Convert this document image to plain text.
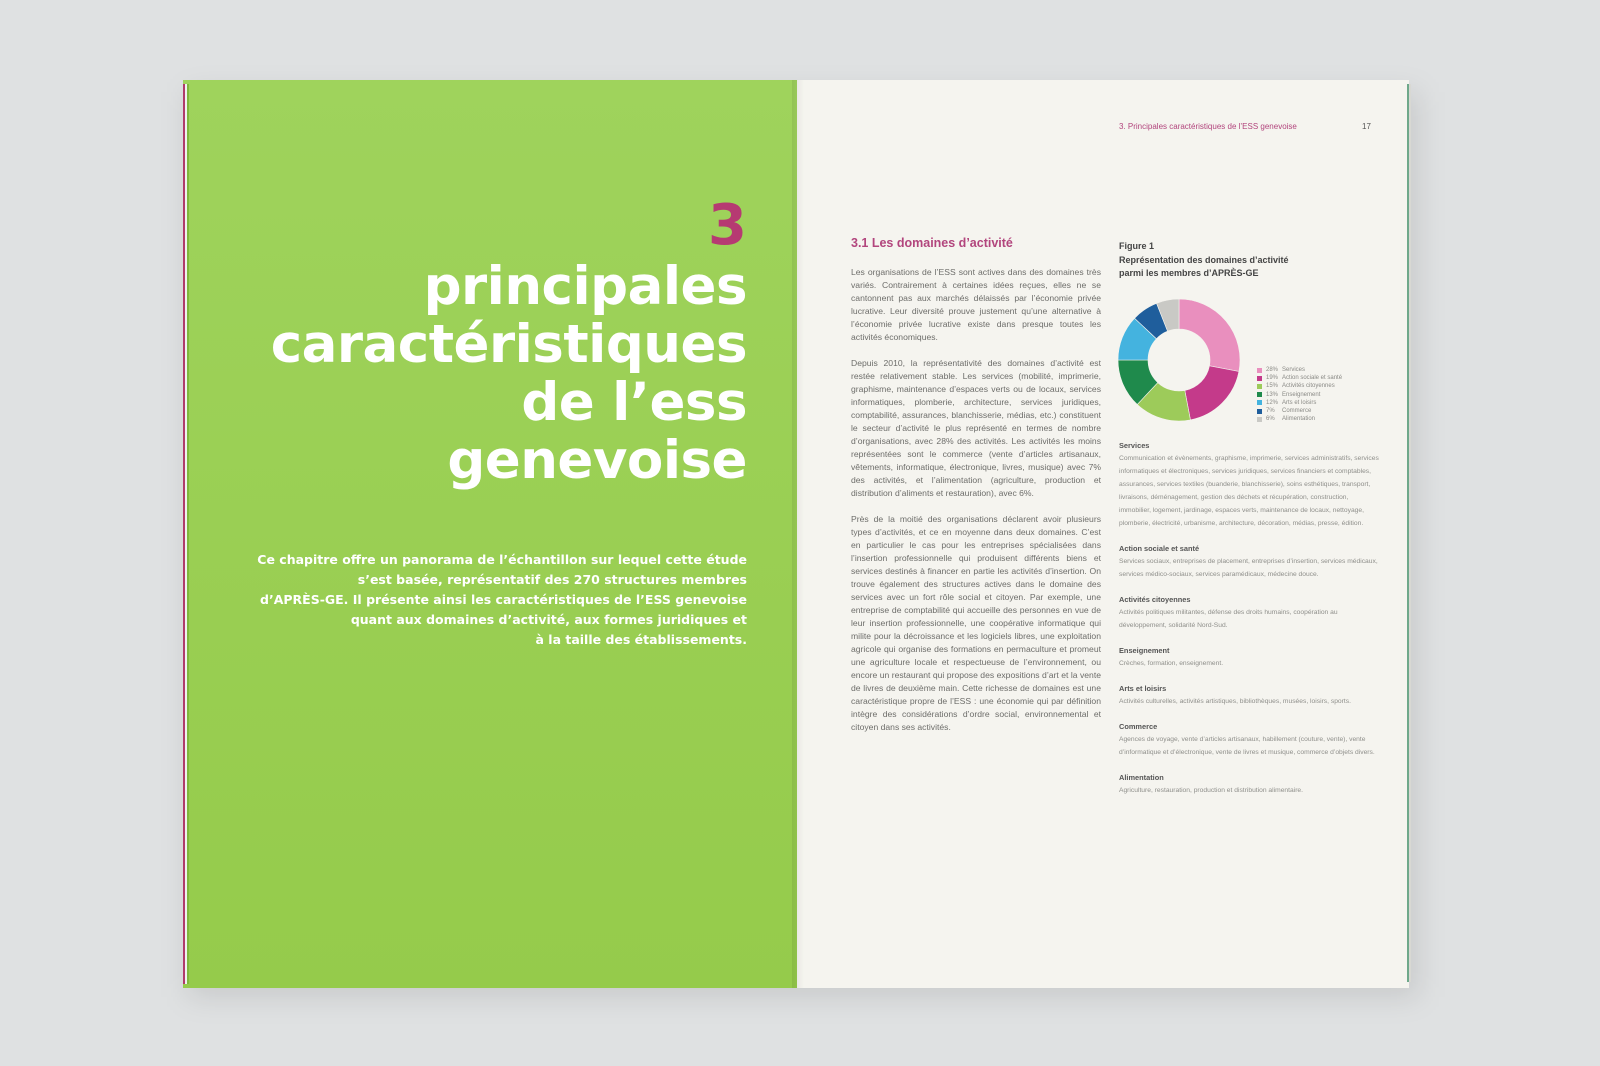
3
principales
caractéristiques
de l’ess
genevoise
Ce chapitre offre un panorama de l’échantillon sur lequel cette étude
s’est basée, représentatif des 270 structures membres
d’APRÈS-GE. Il présente ainsi les caractéristiques de l’ESS genevoise
quant aux domaines d’activité, aux formes juridiques et
à la taille des établissements.
3. Principales caractéristiques de l’ESS genevoise	17
3.1 Les domaines d’activité

Les organisations de l’ESS sont actives dans des domaines très variés. Contrairement à certaines idées reçues, elles ne se cantonnent pas aux marchés délaissés par l’économie privée lucrative. Leur diversité prouve justement qu’une alternative à l’économie privée lucrative existe dans presque toutes les activités économiques.

Depuis 2010, la représentativité des domaines d’activité est restée relativement stable. Les services (mobilité, imprimerie, graphisme, maintenance d’espaces verts ou de locaux, services informatiques, plomberie, architecture, services juridiques, comptabilité, assurances, blanchisserie, médias, etc.) constituent le secteur d’activité le plus représenté en termes de nombre d’organisations, avec 28% des activités. Les activités les moins représentées sont le commerce (vente d’articles artisanaux, vêtements, informatique, électronique, livres, musique) avec 7% des activités, et l’alimentation (agriculture, production et distribution d’aliments et restauration), avec 6%.

Près de la moitié des organisations déclarent avoir plusieurs types d’activités, et ce en moyenne dans deux domaines. C’est en particulier le cas pour les entreprises spécialisées dans l’insertion professionnelle qui produisent différents biens et services destinés à financer en partie les activités d’insertion. On trouve également des structures actives dans le domaine des services avec un fort rôle social et citoyen. Par exemple, une entreprise de comptabilité qui accueille des personnes en vue de leur insertion professionnelle, une coopérative informatique qui milite pour la décroissance et les logiciels libres, une exploitation agricole qui organise des formations en permaculture et promeut une agriculture locale et respectueuse de l’environnement, ou encore un restaurant qui propose des expositions d’art et la vente de livres de deuxième main. Cette richesse de domaines est une caractéristique propre de l’ESS : une économie qui par définition intègre des considérations d’ordre social, environnemental et citoyen dans ses activités.

Figure 1
Représentation des domaines d’activité
parmi les membres d’APRÈS-GE
28% Services
19% Action sociale et santé
15% Activités citoyennes
13% Enseignement
12% Arts et loisirs
7%	Commerce
6%	Alimentation
Services
Communication et évènements, graphisme, imprimerie, services administratifs, services informatiques et électroniques, services juridiques, services financiers et comptables, assurances, services textiles (buanderie, blanchisserie), soins esthétiques, transport, livraisons, déménagement, gestion des déchets et récupération, construction, immobilier, logement, jardinage, espaces verts, maintenance de locaux, nettoyage, plomberie, électricité, urbanisme, architecture, décoration, médias, presse, édition.
Action sociale et santé
Services sociaux, entreprises de placement, entreprises d’insertion, services médicaux, services médico-sociaux, services paramédicaux, médecine douce.
Activités citoyennes
Activités politiques militantes, défense des droits humains, coopération au développement, solidarité Nord-Sud.
Enseignement
Crèches, formation, enseignement.
Arts et loisirs
Activités culturelles, activités artistiques, bibliothèques, musées, loisirs, sports.
Commerce
Agences de voyage, vente d’articles artisanaux, habillement (couture, vente), vente d’informatique et d’électronique, vente de livres et musique, commerce d’objets divers.
Alimentation
Agriculture, restauration, production et distribution alimentaire.
